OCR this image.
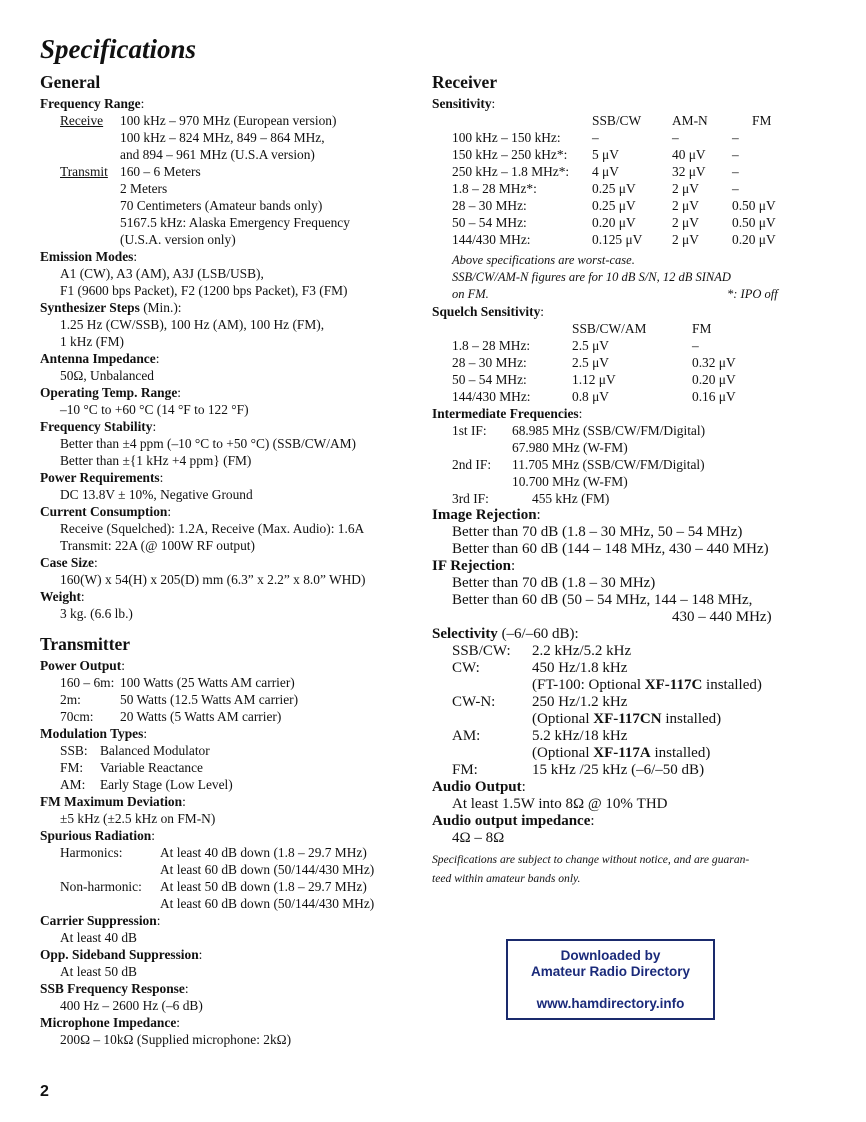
Specifications
General
Frequency Range:
Receive 100 kHz – 970 MHz (European version)
100 kHz – 824 MHz, 849 – 864 MHz,
and 894 – 961 MHz (U.S.A version)
Transmit 160 – 6 Meters
2 Meters
70 Centimeters (Amateur bands only)
5167.5 kHz: Alaska Emergency Frequency
(U.S.A. version only)
Emission Modes:
A1 (CW), A3 (AM), A3J (LSB/USB),
F1 (9600 bps Packet), F2 (1200 bps Packet), F3 (FM)
Synthesizer Steps (Min.):
1.25 Hz (CW/SSB), 100 Hz (AM), 100 Hz (FM),
1 kHz (FM)
Antenna Impedance:
50Ω, Unbalanced
Operating Temp. Range:
–10 °C to +60 °C (14 °F to 122 °F)
Frequency Stability:
Better than ±4 ppm (–10 °C to +50 °C) (SSB/CW/AM)
Better than ±{1 kHz +4 ppm} (FM)
Power Requirements:
DC 13.8V ± 10%, Negative Ground
Current Consumption:
Receive (Squelched): 1.2A, Receive (Max. Audio): 1.6A
Transmit: 22A (@ 100W RF output)
Case Size:
160(W) x 54(H) x 205(D) mm (6.3” x 2.2” x 8.0” WHD)
Weight:
3 kg. (6.6 lb.)
Transmitter
Power Output:
160 – 6m: 100 Watts (25 Watts AM carrier)
2m:	50 Watts (12.5 Watts AM carrier)
70cm: 20 Watts (5 Watts AM carrier)
Modulation Types:
SSB: Balanced Modulator
FM: Variable Reactance
AM: Early Stage (Low Level)
FM Maximum Deviation:
±5 kHz (±2.5 kHz on FM-N)
Spurious Radiation:
Harmonics:	At least 40 dB down (1.8 – 29.7 MHz)
At least 60 dB down (50/144/430 MHz)
Non-harmonic: At least 50 dB down (1.8 – 29.7 MHz)
At least 60 dB down (50/144/430 MHz)
Carrier Suppression:
At least 40 dB
Opp. Sideband Suppression:
At least 50 dB
SSB Frequency Response:
400 Hz – 2600 Hz (–6 dB)
Microphone Impedance:
200Ω – 10kΩ (Supplied microphone: 2kΩ)
Receiver
Sensitivity:
SSB/CW AM-N	FM
100 kHz – 150 kHz: –	–	–
150 kHz – 250 kHz*: 5 μV	40 μV –
250 kHz – 1.8 MHz*: 4 μV	32 μV –
1.8 – 28 MHz*:	0.25 μV	2 μV –
28 – 30 MHz:	0.25 μV	2 μV 0.50 μV
50 – 54 MHz:	0.20 μV	2 μV 0.50 μV
144/430 MHz:	0.125 μV 2 μV 0.20 μV
Above specifications are worst-case.
SSB/CW/AM-N figures are for 10 dB S/N, 12 dB SINAD
on FM.	*: IPO off
Squelch Sensitivity:
SSB/CW/AM	FM
1.8 – 28 MHz:	2.5 μV	–
28 – 30 MHz:	2.5 μV	0.32 μV
50 – 54 MHz:	1.12 μV	0.20 μV
144/430 MHz:	0.8 μV	0.16 μV
Intermediate Frequencies:
1st IF: 68.985 MHz (SSB/CW/FM/Digital)
67.980 MHz (W-FM)
2nd IF: 11.705 MHz (SSB/CW/FM/Digital)
10.700 MHz (W-FM)
3rd IF:	455 kHz (FM)
Image Rejection:
Better than 70 dB (1.8 – 30 MHz, 50 – 54 MHz)
Better than 60 dB (144 – 148 MHz, 430 – 440 MHz)
IF Rejection:
Better than 70 dB (1.8 – 30 MHz)
Better than 60 dB (50 – 54 MHz, 144 – 148 MHz,
430 – 440 MHz)
Selectivity (–6/–60 dB):
SSB/CW: 2.2 kHz/5.2 kHz
CW:	450 Hz/1.8 kHz
(FT-100: Optional XF-117C installed)
CW-N: 250 Hz/1.2 kHz
(Optional XF-117CN installed)
AM:	5.2 kHz/18 kHz
(Optional XF-117A installed)
FM:	15 kHz /25 kHz (–6/–50 dB)
Audio Output:
At least 1.5W into 8Ω @ 10% THD
Audio output impedance:
4Ω – 8Ω
Specifications are subject to change without notice, and are guaran-
teed within amateur bands only.
Downloaded by
Amateur Radio Directory
www.hamdirectory.info
2
